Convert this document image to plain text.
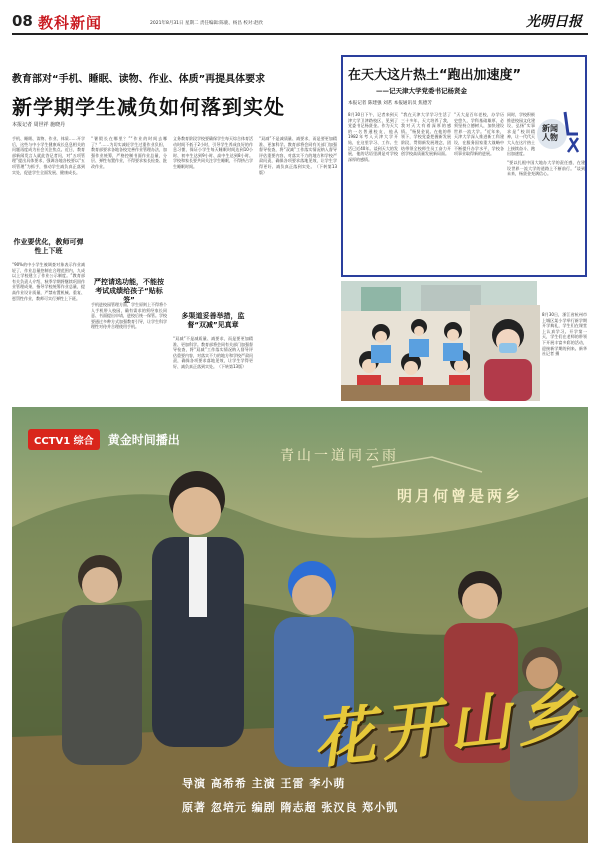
08 教科新闻	2021年8月31日 星期二 责任编辑:陈鹿、杨昌 校对:赵欣	光明日报
教育部对“手机、睡眠、读物、作业、体质”再提具体要求
新学期学生减负如何落到实处
本报记者 周世祥 施晓丹
手机、睡眠、读物、作业、体质……开学后，这些与中小学生健康成长息息相关的问题再度成为社会关注焦点。近日，教育部新闻发言人就此答记者问，对“五项管理”提出具体要求，强调各地各校要以“五项管理”为抓手，推动学生减负真正落到实处，促进学生全面发展、健康成长。
作业要优化，教师可弹性上下班
“90%的中小学生被调查对象表示作业减轻了，作业总量控制在合理范围内，九成以上学校建立了作业公示制度。”教育部有关负责人介绍，秋季学期将继续巩固作业管理成果，指导学校统筹作业总量，提高作业设计质量，严禁布置机械、重复、惩罚性作业，教师可实行弹性上下班。
“暑假长在哪里？”“作业的时间去哪了？”……为切实减轻学生过重作业负担，教育部要求各地各校完善作业管理办法，加强作业统筹，严格控制书面作业总量，分层、弹性布置作业，不得要求家长检查、批改作业。
严控请选功能，不能按考试成绩给孩子“贴标签”
手机进校园管理方面，学生原则上不得将个人手机带入校园，确有需求的须经家长同意、书面提出申请，进校后统一保管。学校要通过多种方式加强教育引导，让学生科学理性对待并合理使用手机。
义务教育阶段学校要确保学生每天综合体育活动时间不低于2小时，引导学生养成良好的作息习惯，保证小学生每天睡眠时间达到10小时、初中生达到9小时、高中生达到8小时。学校和家长要共同关注学生睡眠，不得挤占学生睡眠时间。
多渠道妥善举措，监督“双减”见真章
“双减”不是减质量、减要求，而是要更加精准、更加科学。教育部将会同有关部门加强督导检查，将“双减”工作落实情况纳入督导评估重要内容，对落实不力的地方和学校严肃问责，确保各项要求落地见效，让学生学得更好、减负真正落到实处。（下转第13版）
“双减”不是减质量、减要求，而是要更加精准、更加科学。教育部将会同有关部门加强督导检查，将“双减”工作落实情况纳入督导评估重要内容，对落实不力的地方和学校严肃问责，确保各项要求落地见效，让学生学得更好、减负真正落到实处。（下转第13版）
在天大这片热土“跑出加速度”
——记天津大学党委书记杨贤金
本报记者 陈建强 刘茗 本报通讯员 焦德芳
8月30日下午，记者来到天津大学卫津路校区，见到了党委书记杨贤金。作为天大的一名普通校友，他从1982年考入天津大学开始，在这里学习、工作、生活已近40年。谈到天大的发展，他的话语里满是对学校深厚的感情。
“我在天津大学学习生活了三十多年，天大培养了我，我对天大有着深厚的感情。”杨贤金说。在他的带领下，学校党委把握新发展阶段，贯彻新发展理念，团结带领全校师生员工奋力开创学校高质量发展新局面。
“天大是百年老校，办学历史悠久，学科基础雄厚，必须坚持立德树人，加快建设世界一流大学。”近年来，天津大学深入推进新工科建设，在服务国家重大战略中不断提升办学水平，学校各项事业取得新的进展。
同时，学校积极推进校园文化建设，弘扬“实事求是”校训精神，让一代代天大人在这片热土上接续奋斗、跑出加速度。
新闻人物
“要以扎根中国大地办大学的责任感，在建设世界一流大学的道路上不断前行。”谈到未来，杨贤金充满信心。
8月30日，浙江省杭州市上城区某小学举行新学期开学典礼，学生们在课堂上认真学习。开学第一天，学生们在老师的带领下开展丰富多彩的活动，迎接新学期的到来。新华社记者 摄
CCTV1 综合	黄金时间播出
青山一道同云雨
明月何曾是两乡
花开山乡
导演 高希希 主演 王雷 李小萌
原著 忽培元 编剧 隋志超 张汉良 郑小凯
